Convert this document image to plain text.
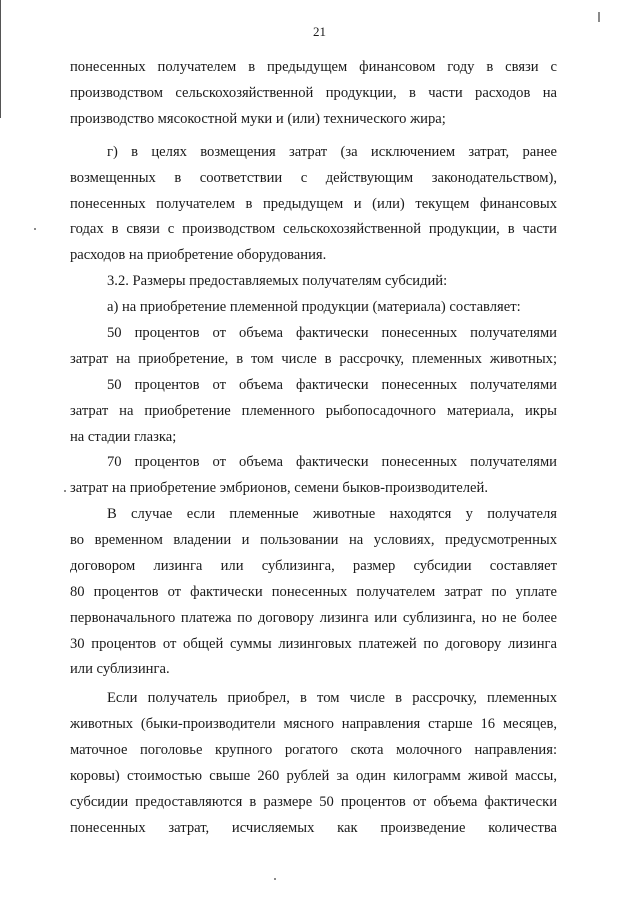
21
понесенных получателем в предыдущем финансовом году в связи с
производством сельскохозяйственной продукции, в части расходов на
производство мясокостной муки и (или) технического жира;
г) в целях возмещения затрат (за исключением затрат, ранее
возмещенных в соответствии с действующим законодательством),
понесенных получателем в предыдущем и (или) текущем финансовых
годах в связи с производством сельскохозяйственной продукции, в части
расходов на приобретение оборудования.
3.2. Размеры предоставляемых получателям субсидий:
а) на приобретение племенной продукции (материала) составляет:
50 процентов от объема фактически понесенных получателями
затрат на приобретение, в том числе в рассрочку, племенных животных;
50 процентов от объема фактически понесенных получателями
затрат на приобретение племенного рыбопосадочного материала, икры
на стадии глазка;
70 процентов от объема фактически понесенных получателями
затрат на приобретение эмбрионов, семени быков-производителей.
В случае если племенные животные находятся у получателя
во временном владении и пользовании на условиях, предусмотренных
договором лизинга или сублизинга, размер субсидии составляет
80 процентов от фактически понесенных получателем затрат по уплате
первоначального платежа по договору лизинга или сублизинга, но не более
30 процентов от общей суммы лизинговых платежей по договору лизинга
или сублизинга.
Если получатель приобрел, в том числе в рассрочку, племенных
животных (быки-производители мясного направления старше 16 месяцев,
маточное поголовье крупного рогатого скота молочного направления:
коровы) стоимостью свыше 260 рублей за один килограмм живой массы,
субсидии предоставляются в размере 50 процентов от объема фактически
понесенных затрат, исчисляемых как произведение количества
